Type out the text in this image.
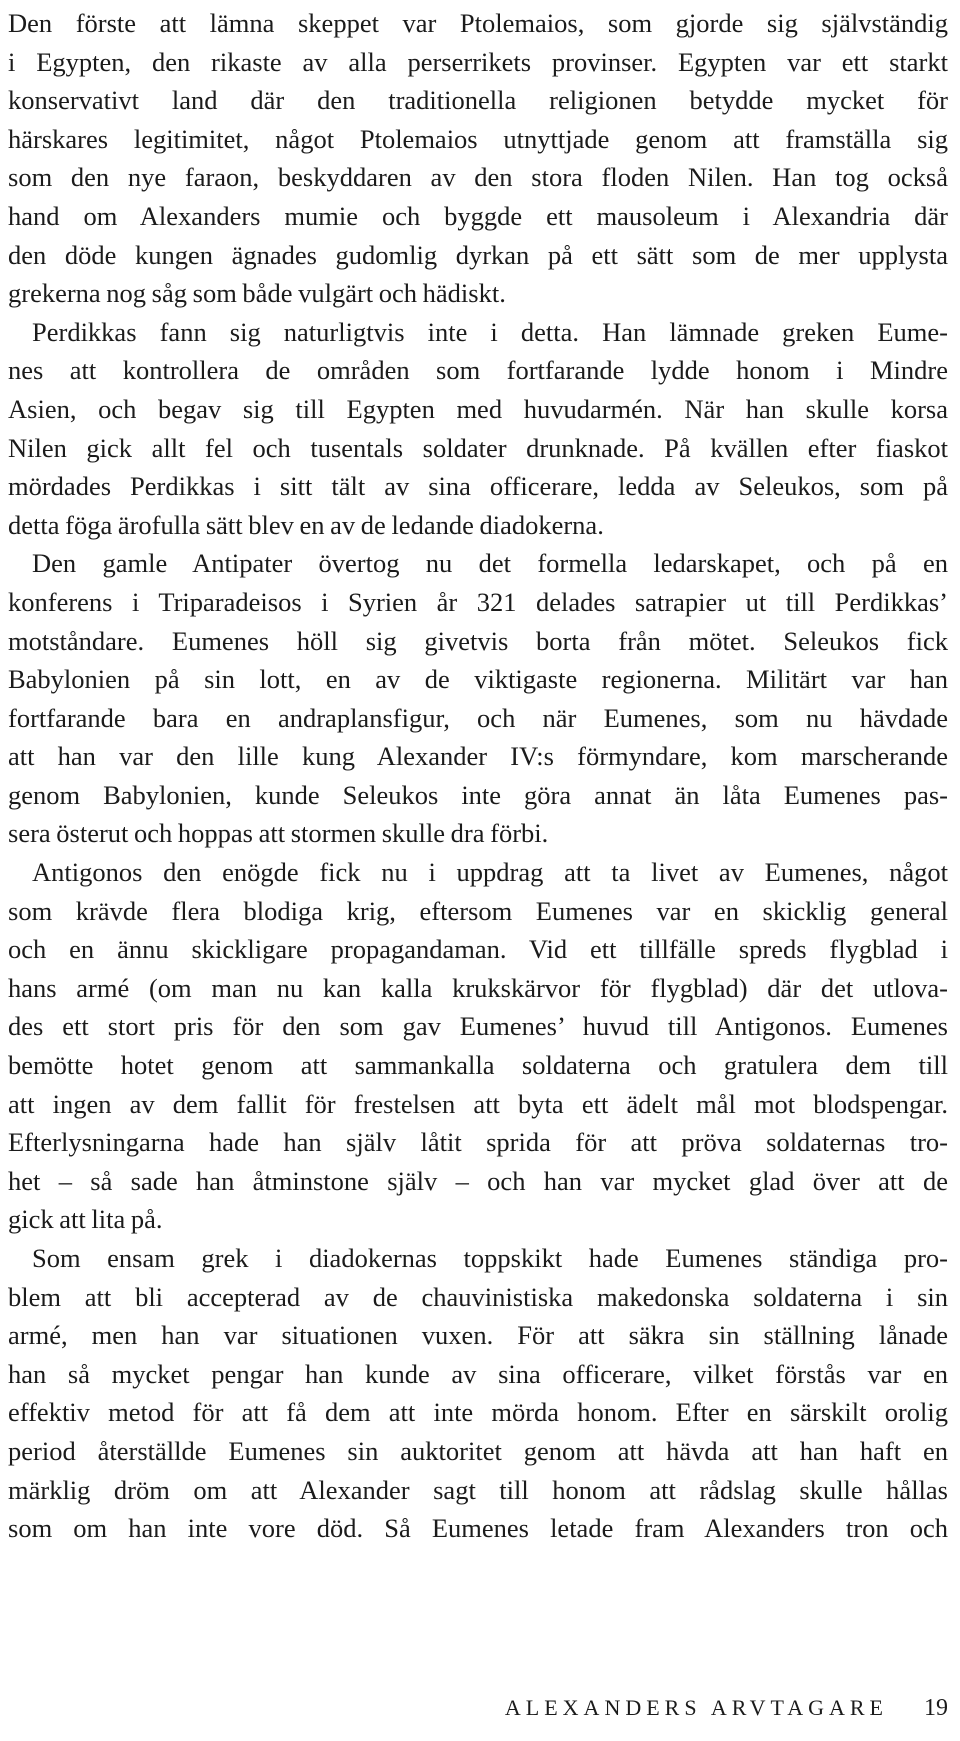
Den förste att lämna skeppet var Ptolemaios, som gjorde sig självständig
i Egypten, den rikaste av alla perserrikets provinser. Egypten var ett starkt
konservativt land där den traditionella religionen betydde mycket för
härskares legitimitet, något Ptolemaios utnyttjade genom att framställa sig
som den nye faraon, beskyddaren av den stora floden Nilen. Han tog också
hand om Alexanders mumie och byggde ett mausoleum i Alexandria där
den döde kungen ägnades gudomlig dyrkan på ett sätt som de mer upplysta
grekerna nog såg som både vulgärt och hädiskt.
Perdikkas fann sig naturligtvis inte i detta. Han lämnade greken Eume-
nes att kontrollera de områden som fortfarande lydde honom i Mindre
Asien, och begav sig till Egypten med huvudarmén. När han skulle korsa
Nilen gick allt fel och tusentals soldater drunknade. På kvällen efter fiaskot
mördades Perdikkas i sitt tält av sina officerare, ledda av Seleukos, som på
detta föga ärofulla sätt blev en av de ledande diadokerna.
Den gamle Antipater övertog nu det formella ledarskapet, och på en
konferens i Triparadeisos i Syrien år 321 delades satrapier ut till Perdikkas’
motståndare. Eumenes höll sig givetvis borta från mötet. Seleukos fick
Babylonien på sin lott, en av de viktigaste regionerna. Militärt var han
fortfarande bara en andraplansfigur, och när Eumenes, som nu hävdade
att han var den lille kung Alexander IV:s förmyndare, kom marscherande
genom Babylonien, kunde Seleukos inte göra annat än låta Eumenes pas-
sera österut och hoppas att stormen skulle dra förbi.
Antigonos den enögde fick nu i uppdrag att ta livet av Eumenes, något
som krävde flera blodiga krig, eftersom Eumenes var en skicklig general
och en ännu skickligare propagandaman. Vid ett tillfälle spreds flygblad i
hans armé (om man nu kan kalla krukskärvor för flygblad) där det utlova-
des ett stort pris för den som gav Eumenes’ huvud till Antigonos. Eumenes
bemötte hotet genom att sammankalla soldaterna och gratulera dem till
att ingen av dem fallit för frestelsen att byta ett ädelt mål mot blodspengar.
Efterlysningarna hade han själv låtit sprida för att pröva soldaternas tro-
het – så sade han åtminstone själv – och han var mycket glad över att de
gick att lita på.
Som ensam grek i diadokernas toppskikt hade Eumenes ständiga pro-
blem att bli accepterad av de chauvinistiska makedonska soldaterna i sin
armé, men han var situationen vuxen. För att säkra sin ställning lånade
han så mycket pengar han kunde av sina officerare, vilket förstås var en
effektiv metod för att få dem att inte mörda honom. Efter en särskilt orolig
period återställde Eumenes sin auktoritet genom att hävda att han haft en
märklig dröm om att Alexander sagt till honom att rådslag skulle hållas
som om han inte vore död. Så Eumenes letade fram Alexanders tron och
ALEXANDERS ARVTAGARE 19
